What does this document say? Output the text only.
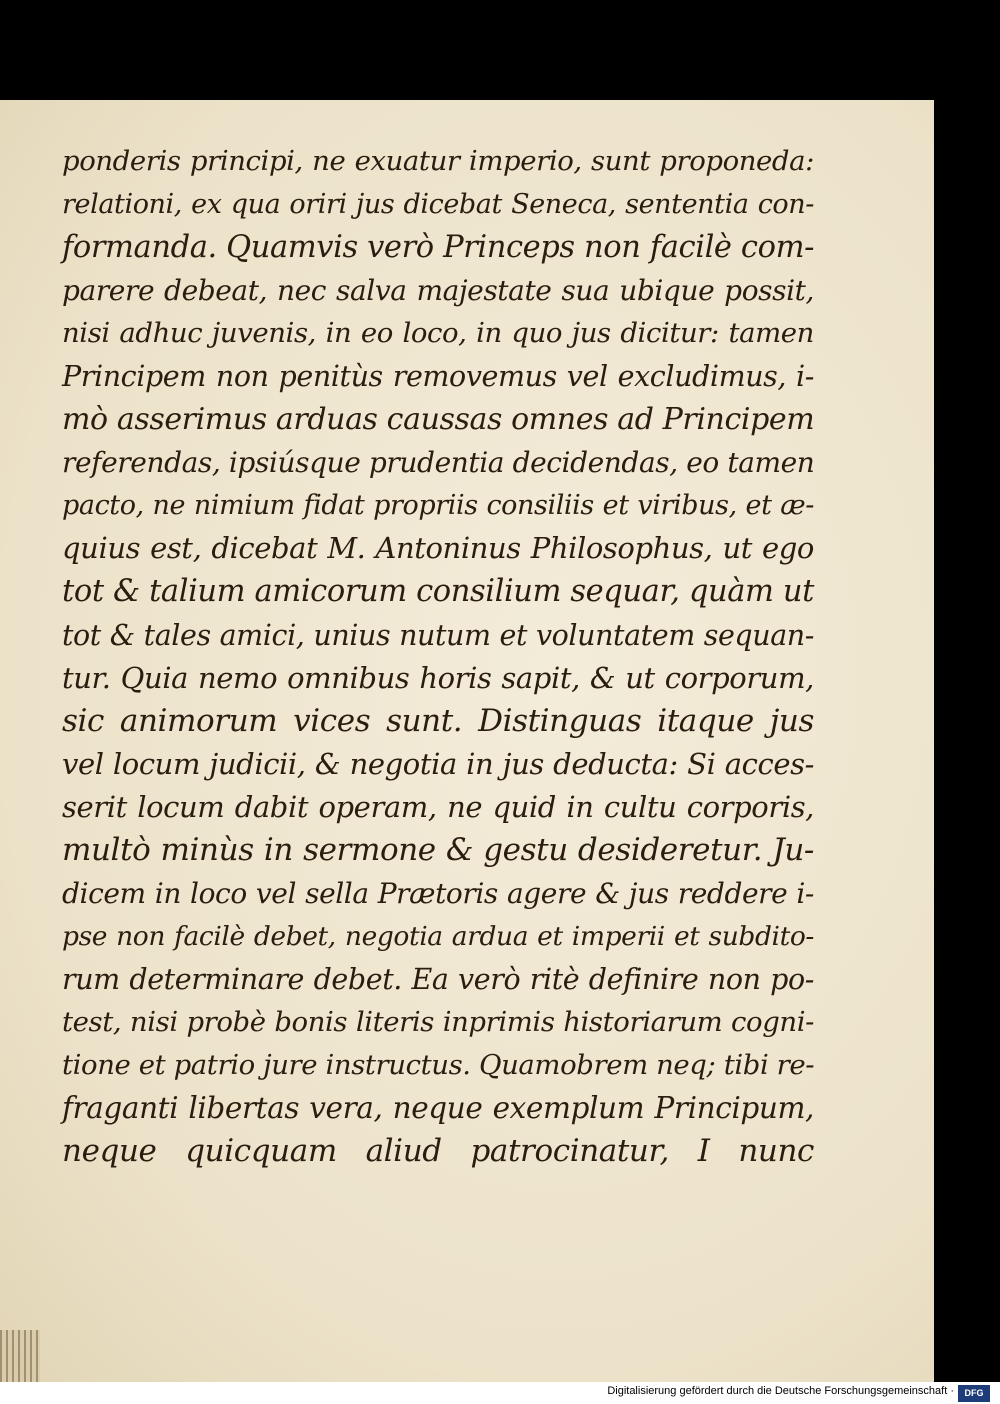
ponderis principi, ne exuatur imperio, sunt proponeda:
relationi, ex qua oriri jus dicebat Seneca, sententia con-
formanda. Quamvis verò Princeps non facilè com-
parere debeat, nec salva majestate sua ubique possit,
nisi adhuc juvenis, in eo loco, in quo jus dicitur: tamen
Principem non penitùs removemus vel excludimus, i-
mò asserimus arduas caussas omnes ad Principem
referendas, ipsiúsque prudentia decidendas, eo tamen
pacto, ne nimium fidat propriis consiliis et viribus, et æ-
quius est, dicebat M. Antoninus Philosophus, ut ego
tot & talium amicorum consilium sequar, quàm ut
tot & tales amici, unius nutum et voluntatem sequan-
tur. Quia nemo omnibus horis sapit, & ut corporum,
sic animorum vices sunt. Distinguas itaque jus
vel locum judicii, & negotia in jus deducta: Si acces-
serit locum dabit operam, ne quid in cultu corporis,
multò minùs in sermone & gestu desideretur. Ju-
dicem in loco vel sella Prætoris agere & jus reddere i-
pse non facilè debet, negotia ardua et imperii et subdito-
rum determinare debet. Ea verò ritè definire non po-
test, nisi probè bonis literis inprimis historiarum cogni-
tione et patrio jure instructus. Quamobrem neq; tibi re-
fraganti libertas vera, neque exemplum Principum,
neque quicquam aliud patrocinatur, I nunc
Digitalisierung gefördert durch die Deutsche Forschungsgemeinschaft ·	DFG
